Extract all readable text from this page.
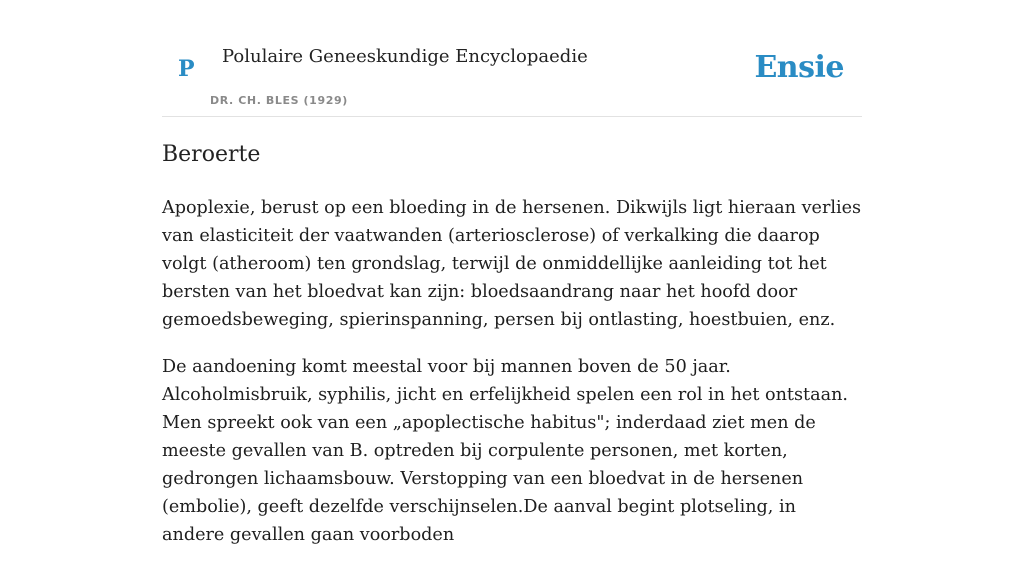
P Polulaire Geneeskundige Encyclopaedie
DR. CH. BLES (1929)
Ensie
Beroerte

Apoplexie, berust op een bloeding in de hersenen. Dikwijls ligt hieraan verlies van elasticiteit der vaatwanden (arteriosclerose) of verkalking die daarop volgt (atheroom) ten grondslag, terwijl de onmiddellijke aanleiding tot het bersten van het bloedvat kan zijn: bloedsaandrang naar het hoofd door gemoedsbeweging, spierinspanning, persen bij ontlasting, hoestbuien, enz.

De aandoening komt meestal voor bij mannen boven de 50 jaar. Alcoholmisbruik, syphilis, jicht en erfelijkheid spelen een rol in het ontstaan. Men spreekt ook van een „apoplectische habitus"; inderdaad ziet men de meeste gevallen van B. optreden bij corpulente personen, met korten, gedrongen lichaamsbouw. Verstopping van een bloedvat in de hersenen (embolie), geeft dezelfde verschijnselen.De aanval begint plotseling, in andere gevallen gaan voorboden
